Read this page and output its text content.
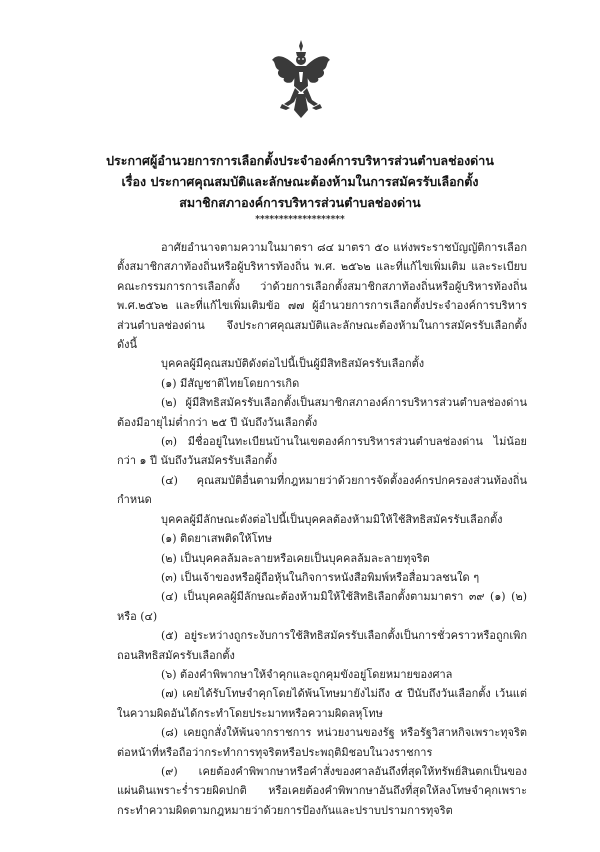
ประกาศผู้อำนวยการการเลือกตั้งประจำองค์การบริหารส่วนตำบลช่องด่าน
เรื่อง ประกาศคุณสมบัติและลักษณะต้องห้ามในการสมัครรับเลือกตั้ง
สมาชิกสภาองค์การบริหารส่วนตำบลช่องด่าน
*******************

อาศัยอำนาจตามความในมาตรา ๘๔ มาตรา ๕๐ แห่งพระราชบัญญัติการเลือกตั้งสมาชิกสภาท้องถิ่นหรือผู้บริหารท้องถิ่น พ.ศ. ๒๕๖๒ และที่แก้ไขเพิ่มเติม และระเบียบคณะกรรมการการเลือกตั้ง ว่าด้วยการเลือกตั้งสมาชิกสภาท้องถิ่นหรือผู้บริหารท้องถิ่น พ.ศ.๒๕๖๒ และที่แก้ไขเพิ่มเติมข้อ ๗๗ ผู้อำนวยการการเลือกตั้งประจำองค์การบริหารส่วนตำบลช่องด่าน จึงประกาศคุณสมบัติและลักษณะต้องห้ามในการสมัครรับเลือกตั้ง ดังนี้

บุคคลผู้มีคุณสมบัติดังต่อไปนี้เป็นผู้มีสิทธิสมัครรับเลือกตั้ง

(๑) มีสัญชาติไทยโดยการเกิด

(๒) ผู้มีสิทธิสมัครรับเลือกตั้งเป็นสมาชิกสภาองค์การบริหารส่วนตำบลช่องด่าน ต้องมีอายุไม่ต่ำกว่า ๒๕ ปี นับถึงวันเลือกตั้ง

(๓) มีชื่ออยู่ในทะเบียนบ้านในเขตองค์การบริหารส่วนตำบลช่องด่าน ไม่น้อยกว่า ๑ ปี นับถึงวันสมัครรับเลือกตั้ง

(๔) คุณสมบัติอื่นตามที่กฎหมายว่าด้วยการจัดตั้งองค์กรปกครองส่วนท้องถิ่นกำหนด

บุคคลผู้มีลักษณะดังต่อไปนี้เป็นบุคคลต้องห้ามมิให้ใช้สิทธิสมัครรับเลือกตั้ง

(๑) ติดยาเสพติดให้โทษ

(๒) เป็นบุคคลล้มละลายหรือเคยเป็นบุคคลล้มละลายทุจริต

(๓) เป็นเจ้าของหรือผู้ถือหุ้นในกิจการหนังสือพิมพ์หรือสื่อมวลชนใด ๆ

(๔) เป็นบุคคลผู้มีลักษณะต้องห้ามมิให้ใช้สิทธิเลือกตั้งตามมาตรา ๓๙ (๑) (๒) หรือ (๔)

(๕) อยู่ระหว่างถูกระงับการใช้สิทธิสมัครรับเลือกตั้งเป็นการชั่วคราวหรือถูกเพิกถอนสิทธิสมัครรับเลือกตั้ง

(๖) ต้องคำพิพากษาให้จำคุกและถูกคุมขังอยู่โดยหมายของศาล

(๗) เคยได้รับโทษจำคุกโดยได้พ้นโทษมายังไม่ถึง ๕ ปีนับถึงวันเลือกตั้ง เว้นแต่ในความผิดอันได้กระทำโดยประมาทหรือความผิดลหุโทษ

(๘) เคยถูกสั่งให้พ้นจากราชการ หน่วยงานของรัฐ หรือรัฐวิสาหกิจเพราะทุจริตต่อหน้าที่หรือถือว่ากระทำการทุจริตหรือประพฤติมิชอบในวงราชการ

(๙) เคยต้องคำพิพากษาหรือคำสั่งของศาลอันถึงที่สุดให้ทรัพย์สินตกเป็นของแผ่นดินเพราะร่ำรวยผิดปกติ หรือเคยต้องคำพิพากษาอันถึงที่สุดให้ลงโทษจำคุกเพราะกระทำความผิดตามกฎหมายว่าด้วยการป้องกันและปราบปรามการทุจริต
